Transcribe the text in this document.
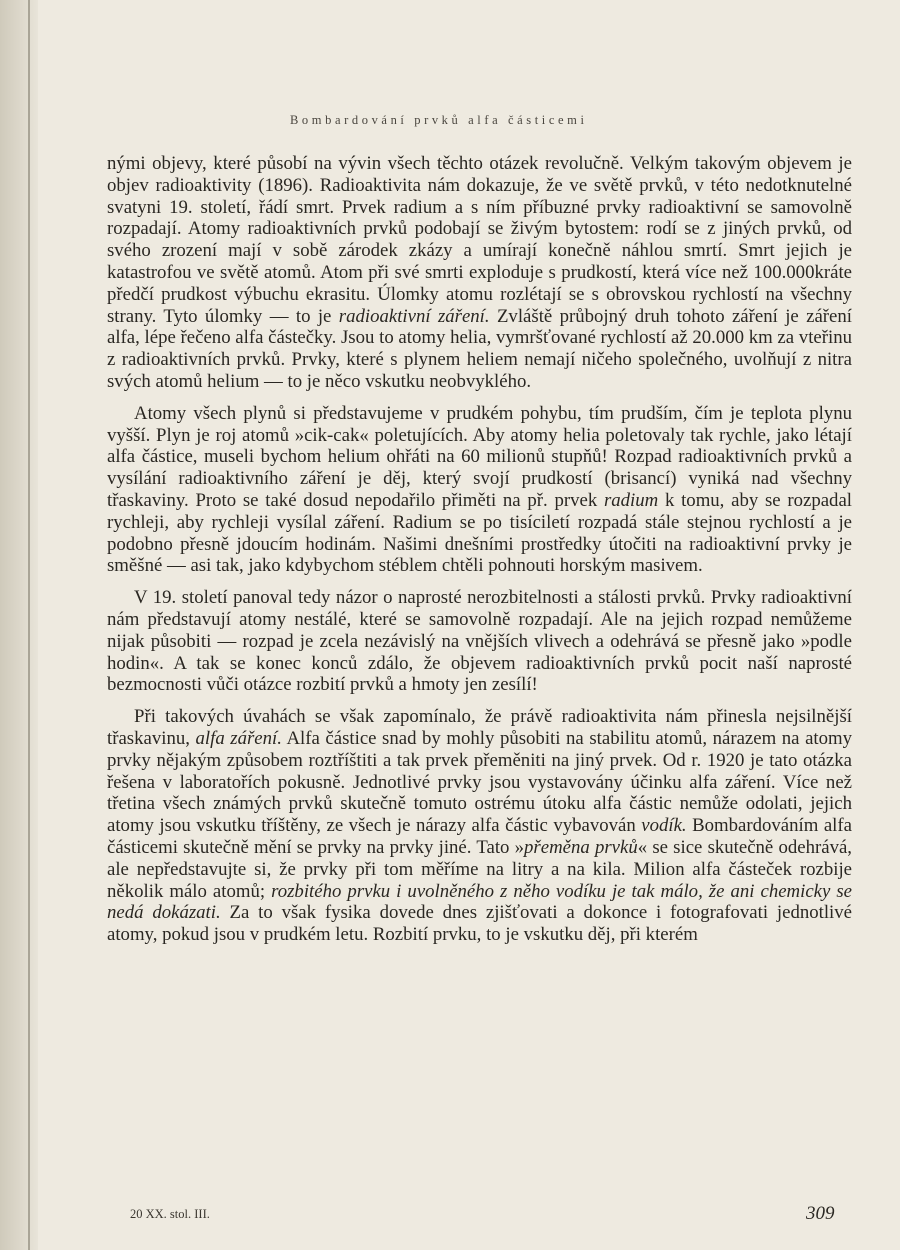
Bombardování prvků alfa částicemi

nými objevy, které působí na vývin všech těchto otázek revolučně. Velkým takovým objevem je objev radioaktivity (1896). Radioaktivita nám dokazuje, že ve světě prvků, v této nedotknutelné svatyni 19. století, řádí smrt. Prvek radium a s ním příbuzné prvky radioaktivní se samovolně rozpadají. Atomy radioaktivních prvků podobají se živým bytostem: rodí se z jiných prvků, od svého zrození mají v sobě zárodek zkázy a umírají konečně náhlou smrtí. Smrt jejich je katastrofou ve světě atomů. Atom při své smrti exploduje s prudkostí, která více než 100.000kráte předčí prudkost výbuchu ekrasitu. Úlomky atomu rozlétají se s obrovskou rychlostí na všechny strany. Tyto úlomky — to je radioaktivní záření. Zvláště průbojný druh tohoto záření je záření alfa, lépe řečeno alfa částečky. Jsou to atomy helia, vymršťované rychlostí až 20.000 km za vteřinu z radioaktivních prvků. Prvky, které s plynem heliem nemají ničeho společného, uvolňují z nitra svých atomů helium — to je něco vskutku neobvyklého.

Atomy všech plynů si představujeme v prudkém pohybu, tím prudším, čím je teplota plynu vyšší. Plyn je roj atomů »cik-cak« poletujících. Aby atomy helia poletovaly tak rychle, jako létají alfa částice, museli bychom helium ohřáti na 60 milionů stupňů! Rozpad radioaktivních prvků a vysílání radioaktivního záření je děj, který svojí prudkostí (brisancí) vyniká nad všechny třaskaviny. Proto se také dosud nepodařilo přiměti na př. prvek radium k tomu, aby se rozpadal rychleji, aby rychleji vysílal záření. Radium se po tisíciletí rozpadá stále stejnou rychlostí a je podobno přesně jdoucím hodinám. Našimi dnešními prostředky útočiti na radioaktivní prvky je směšné — asi tak, jako kdybychom stéblem chtěli pohnouti horským masivem.

V 19. století panoval tedy názor o naprosté nerozbitelnosti a stálosti prvků. Prvky radioaktivní nám představují atomy nestálé, které se samovolně rozpadají. Ale na jejich rozpad nemůžeme nijak působiti — rozpad je zcela nezávislý na vnějších vlivech a odehrává se přesně jako »podle hodin«. A tak se konec konců zdálo, že objevem radioaktivních prvků pocit naší naprosté bezmocnosti vůči otázce rozbití prvků a hmoty jen zesílí!

Při takových úvahách se však zapomínalo, že právě radioaktivita nám přinesla nejsilnější třaskavinu, alfa záření. Alfa částice snad by mohly působiti na stabilitu atomů, nárazem na atomy prvky nějakým způsobem roztříštiti a tak prvek přeměniti na jiný prvek. Od r. 1920 je tato otázka řešena v laboratořích pokusně. Jednotlivé prvky jsou vystavovány účinku alfa záření. Více než třetina všech známých prvků skutečně tomuto ostrému útoku alfa částic nemůže odolati, jejich atomy jsou vskutku tříštěny, ze všech je nárazy alfa částic vybavován vodík. Bombardováním alfa částicemi skutečně mění se prvky na prvky jiné. Tato »přeměna prvků« se sice skutečně odehrává, ale nepředstavujte si, že prvky při tom měříme na litry a na kila. Milion alfa částeček rozbije několik málo atomů; rozbitého prvku i uvolněného z něho vodíku je tak málo, že ani chemicky se nedá dokázati. Za to však fysika dovede dnes zjišťovati a dokonce i fotografovati jednotlivé atomy, pokud jsou v prudkém letu. Rozbití prvku, to je vskutku děj, při kterém

20 XX. stol. III.	309
